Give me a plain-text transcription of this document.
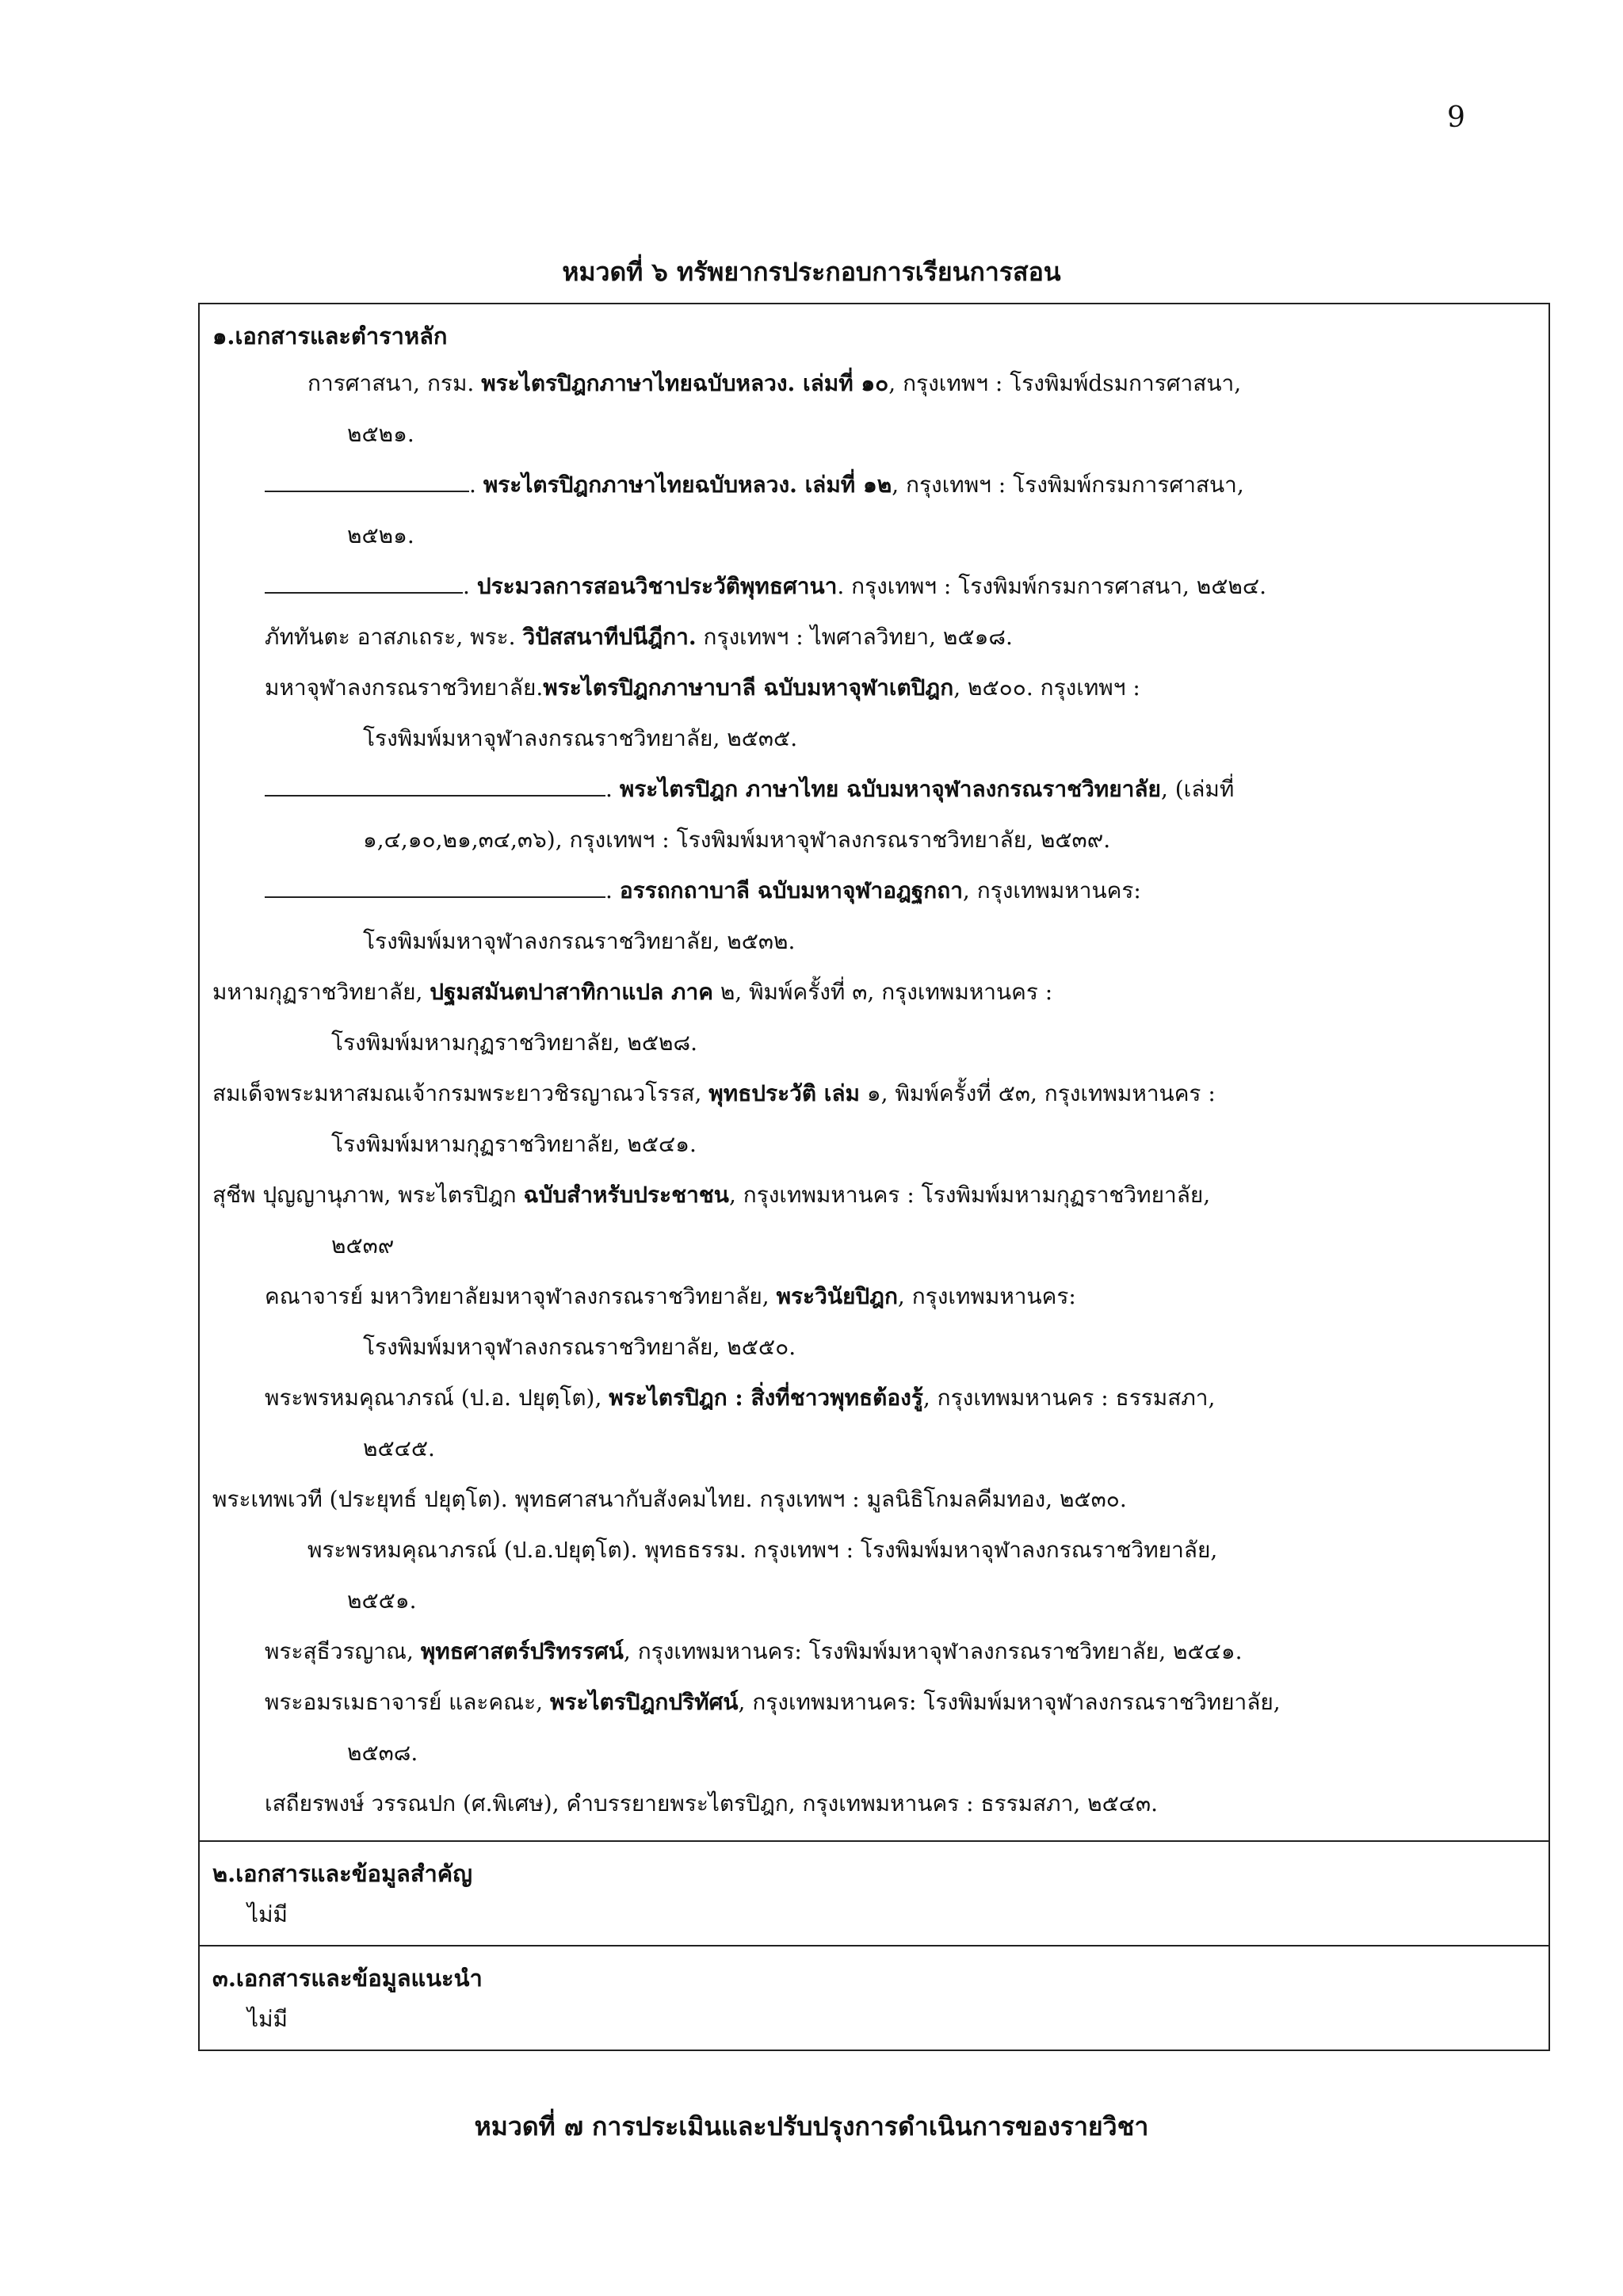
9
หมวดที่ ๖ ทรัพยากรประกอบการเรียนการสอน
๑.เอกสารและตำราหลัก
การศาสนา, กรม. พระไตรปิฎกภาษาไทยฉบับหลวง. เล่มที่ ๑๐, กรุงเทพฯ : โรงพิมพ์dsมการศาสนา,
๒๕๒๑.
. พระไตรปิฎกภาษาไทยฉบับหลวง. เล่มที่ ๑๒, กรุงเทพฯ : โรงพิมพ์กรมการศาสนา,
๒๕๒๑.
. ประมวลการสอนวิชาประวัติพุทธศานา. กรุงเทพฯ : โรงพิมพ์กรมการศาสนา, ๒๕๒๔.
ภัททันตะ อาสภเถระ, พระ. วิปัสสนาทีปนีฎีกา. กรุงเทพฯ : ไพศาลวิทยา, ๒๕๑๘.
มหาจุฬาลงกรณราชวิทยาลัย.พระไตรปิฎกภาษาบาลี ฉบับมหาจุฬาเตปิฎก, ๒๕๐๐. กรุงเทพฯ :
โรงพิมพ์มหาจุฬาลงกรณราชวิทยาลัย, ๒๕๓๕.
. พระไตรปิฎก ภาษาไทย ฉบับมหาจุฬาลงกรณราชวิทยาลัย, (เล่มที่
๑,๔,๑๐,๒๑,๓๔,๓๖), กรุงเทพฯ : โรงพิมพ์มหาจุฬาลงกรณราชวิทยาลัย, ๒๕๓๙.
. อรรถกถาบาลี ฉบับมหาจุฬาอฎฐกถา, กรุงเทพมหานคร:
โรงพิมพ์มหาจุฬาลงกรณราชวิทยาลัย, ๒๕๓๒.
มหามกุฏราชวิทยาลัย, ปฐมสมันตปาสาทิกาแปล ภาค ๒, พิมพ์ครั้งที่ ๓, กรุงเทพมหานคร :
โรงพิมพ์มหามกุฏราชวิทยาลัย, ๒๕๒๘.
สมเด็จพระมหาสมณเจ้ากรมพระยาวชิรญาณวโรรส, พุทธประวัติ เล่ม ๑, พิมพ์ครั้งที่ ๕๓, กรุงเทพมหานคร :
โรงพิมพ์มหามกุฏราชวิทยาลัย, ๒๕๔๑.
สุชีพ ปุญญานุภาพ, พระไตรปิฎก ฉบับสำหรับประชาชน, กรุงเทพมหานคร : โรงพิมพ์มหามกุฏราชวิทยาลัย,
๒๕๓๙
คณาจารย์ มหาวิทยาลัยมหาจุฬาลงกรณราชวิทยาลัย, พระวินัยปิฎก, กรุงเทพมหานคร:
โรงพิมพ์มหาจุฬาลงกรณราชวิทยาลัย, ๒๕๕๐.
พระพรหมคุณาภรณ์ (ป.อ. ปยุตฺโต), พระไตรปิฎก : สิ่งที่ชาวพุทธต้องรู้, กรุงเทพมหานคร : ธรรมสภา,
๒๕๔๕.
พระเทพเวที (ประยุทธ์ ปยุตฺโต). พุทธศาสนากับสังคมไทย. กรุงเทพฯ : มูลนิธิโกมลคีมทอง, ๒๕๓๐.
พระพรหมคุณาภรณ์ (ป.อ.ปยุตฺโต). พุทธธรรม. กรุงเทพฯ : โรงพิมพ์มหาจุฬาลงกรณราชวิทยาลัย,
๒๕๕๑.
พระสุธีวรญาณ, พุทธศาสตร์ปริทรรศน์, กรุงเทพมหานคร: โรงพิมพ์มหาจุฬาลงกรณราชวิทยาลัย, ๒๕๔๑.
พระอมรเมธาจารย์ และคณะ, พระไตรปิฎกปริทัศน์, กรุงเทพมหานคร: โรงพิมพ์มหาจุฬาลงกรณราชวิทยาลัย,
๒๕๓๘.
เสถียรพงษ์ วรรณปก (ศ.พิเศษ), คำบรรยายพระไตรปิฎก, กรุงเทพมหานคร : ธรรมสภา, ๒๕๔๓.
๒.เอกสารและข้อมูลสำคัญ
ไม่มี
๓.เอกสารและข้อมูลแนะนำ
ไม่มี
หมวดที่ ๗ การประเมินและปรับปรุงการดำเนินการของรายวิชา
